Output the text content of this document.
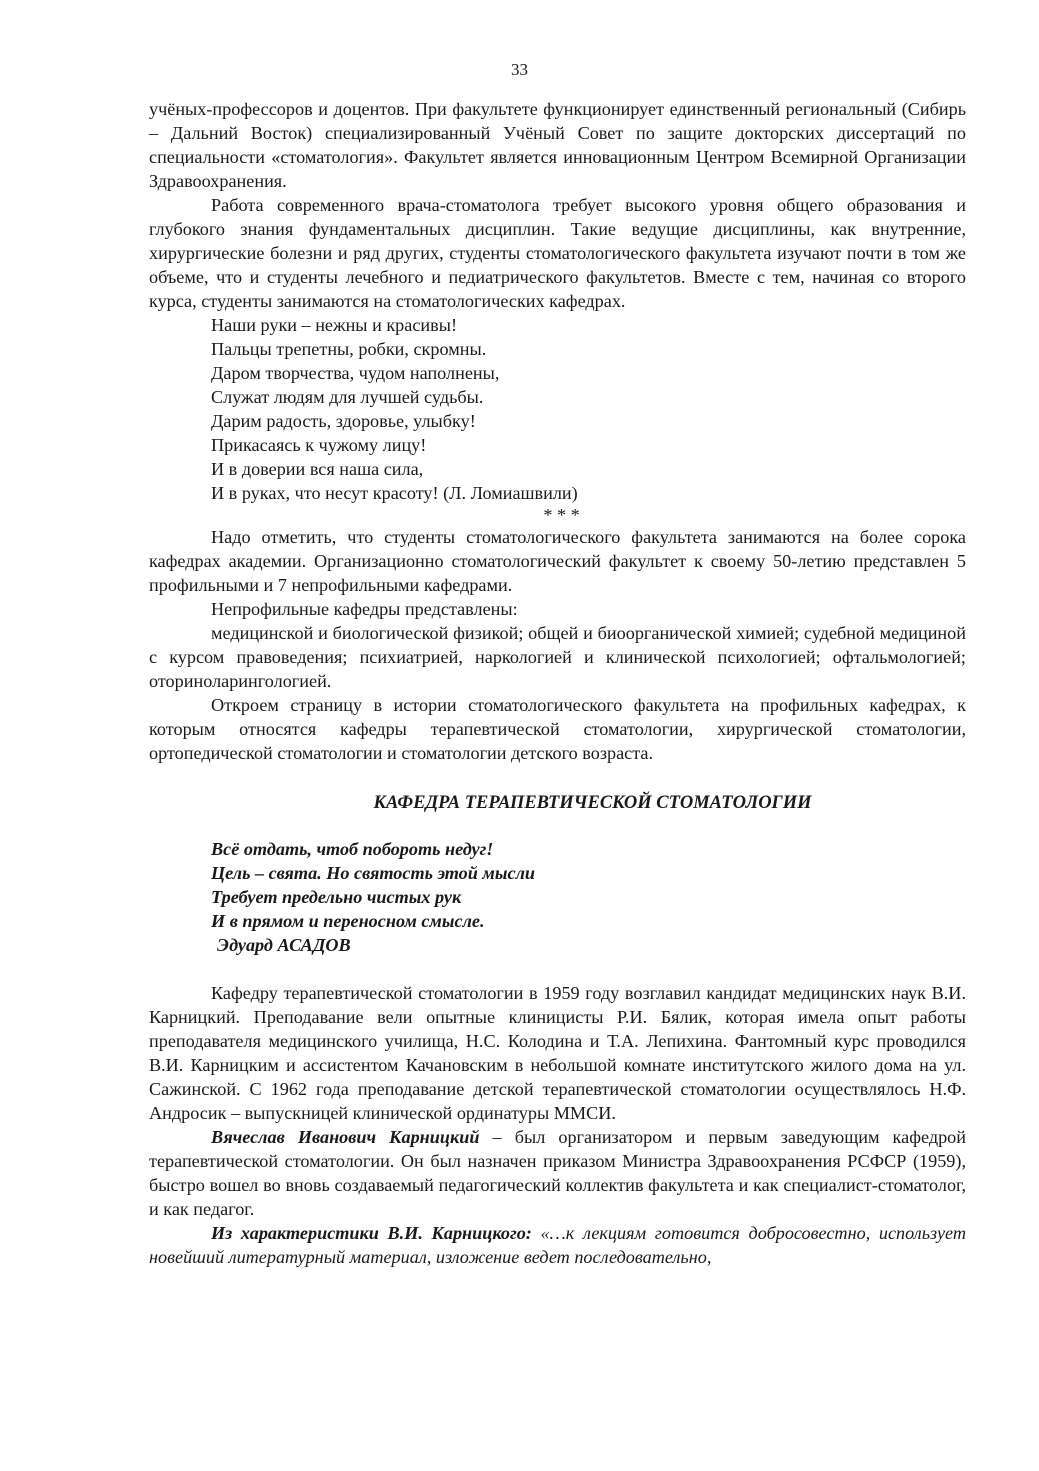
33

учёных-профессоров и доцентов. При факультете функционирует единственный региональный (Сибирь – Дальний Восток) специализированный Учёный Совет по защите докторских диссертаций по специальности «стоматология». Факультет является инновационным Центром Всемирной Организации Здравоохранения.

Работа современного врача-стоматолога требует высокого уровня общего образования и глубокого знания фундаментальных дисциплин. Такие ведущие дисциплины, как внутренние, хирургические болезни и ряд других, студенты стоматологического факультета изучают почти в том же объеме, что и студенты лечебного и педиатрического факультетов. Вместе с тем, начиная со второго курса, студенты занимаются на стоматологических кафедрах.

Наши руки – нежны и красивы!
Пальцы трепетны, робки, скромны.
Даром творчества, чудом наполнены,
Служат людям для лучшей судьбы.
Дарим радость, здоровье, улыбку!
Прикасаясь к чужому лицу!
И в доверии вся наша сила,
И в руках, что несут красоту! (Л. Ломиашвили)
* * *

Надо отметить, что студенты стоматологического факультета занимаются на более сорока кафедрах академии. Организационно стоматологический факультет к своему 50-летию представлен 5 профильными и 7 непрофильными кафедрами.

Непрофильные кафедры представлены:

медицинской и биологической физикой; общей и биоорганической химией; судебной медициной с курсом правоведения; психиатрией, наркологией и клинической психологией; офтальмологией; оториноларингологией.

Откроем страницу в истории стоматологического факультета на профильных кафедрах, к которым относятся кафедры терапевтической стоматологии, хирургической стоматологии, ортопедической стоматологии и стоматологии детского возраста.

КАФЕДРА ТЕРАПЕВТИЧЕСКОЙ СТОМАТОЛОГИИ
Всё отдать, чтоб побороть недуг!
Цель – свята. Но святость этой мысли
Требует предельно чистых рук
И в прямом и переносном смысле.
Эдуард АСАДОВ

Кафедру терапевтической стоматологии в 1959 году возглавил кандидат медицинских наук В.И. Карницкий. Преподавание вели опытные клиницисты Р.И. Бялик, которая имела опыт работы преподавателя медицинского училища, Н.С. Колодина и Т.А. Лепихина. Фантомный курс проводился В.И. Карницким и ассистентом Качановским в небольшой комнате институтского жилого дома на ул. Сажинской. С 1962 года преподавание детской терапевтической стоматологии осуществлялось Н.Ф. Андросик – выпускницей клинической ординатуры ММСИ.

Вячеслав Иванович Карницкий – был организатором и первым заведующим кафедрой терапевтической стоматологии. Он был назначен приказом Министра Здравоохранения РСФСР (1959), быстро вошел во вновь создаваемый педагогический коллектив факультета и как специалист-стоматолог, и как педагог.

Из характеристики В.И. Карницкого: «…к лекциям готовится добросовестно, использует новейший литературный материал, изложение ведет последовательно,
